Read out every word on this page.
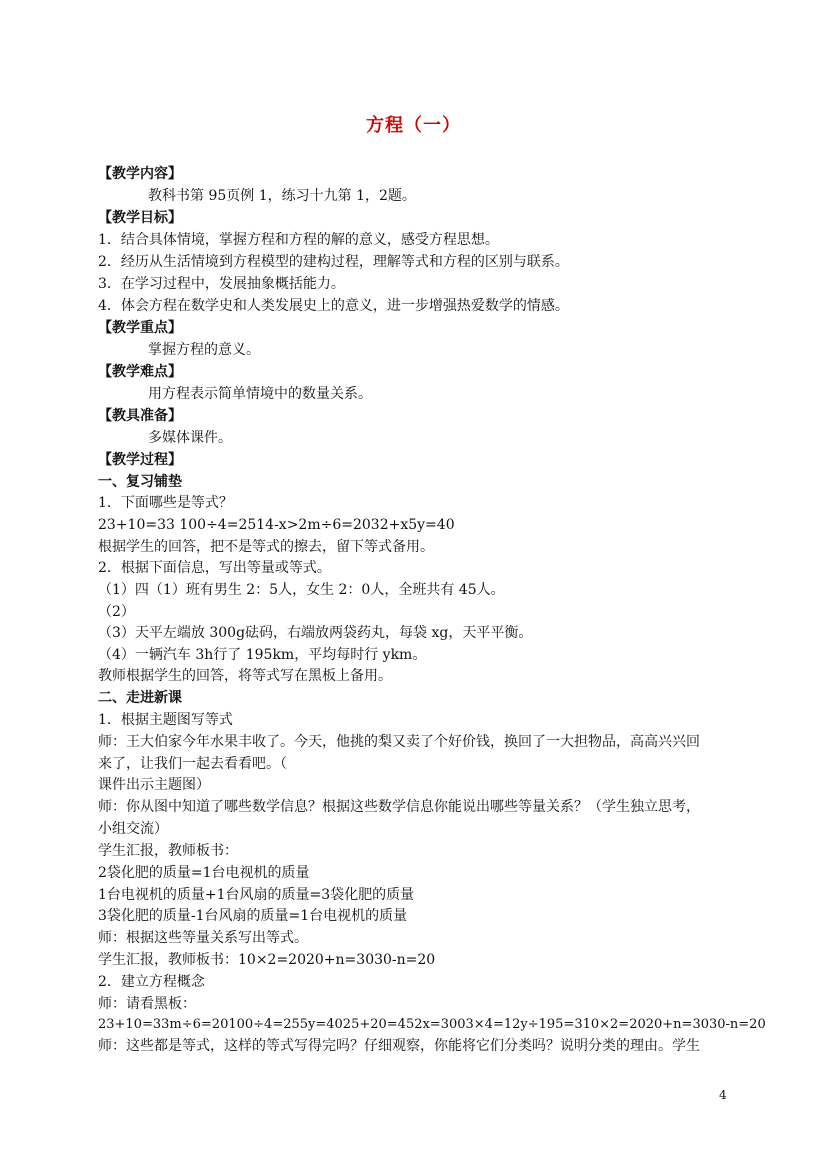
方程（一）
【教学内容】
教科书第 95页例 1，练习十九第 1，2题。
【教学目标】
1．结合具体情境，掌握方程和方程的解的意义，感受方程思想。
2．经历从生活情境到方程模型的建构过程，理解等式和方程的区别与联系。
3．在学习过程中，发展抽象概括能力。
4．体会方程在数学史和人类发展史上的意义，进一步增强热爱数学的情感。
【教学重点】
掌握方程的意义。
【教学难点】
用方程表示简单情境中的数量关系。
【教具准备】
多媒体课件。
【教学过程】
一、复习铺垫
1．下面哪些是等式？
23+10=33 100÷4=2514-x>2m÷6=2032+x5y=40
根据学生的回答，把不是等式的擦去，留下等式备用。
2．根据下面信息，写出等量或等式。
（1）四（1）班有男生 2：5人，女生 2：0人，全班共有 45人。
（2）
（3）天平左端放 300g砝码，右端放两袋药丸，每袋 xg，天平平衡。
（4）一辆汽车 3h行了 195km，平均每时行 ykm。
教师根据学生的回答，将等式写在黑板上备用。
二、走进新课
1．根据主题图写等式
师：王大伯家今年水果丰收了。今天，他挑的梨又卖了个好价钱，换回了一大担物品，高高兴兴回
来了，让我们一起去看看吧。（
课件出示主题图）
师：你从图中知道了哪些数学信息？根据这些数学信息你能说出哪些等量关系？（学生独立思考，
小组交流）
学生汇报，教师板书：
2袋化肥的质量=1台电视机的质量
1台电视机的质量+1台风扇的质量=3袋化肥的质量
3袋化肥的质量-1台风扇的质量=1台电视机的质量
师：根据这些等量关系写出等式。
学生汇报，教师板书：10×2=2020+n=3030-n=20
2．建立方程概念
师：请看黑板：
23+10=33m÷6=20100÷4=255y=4025+20=452x=3003×4=12y÷195=310×2=2020+n=3030-n=20
师：这些都是等式，这样的等式写得完吗？仔细观察，你能将它们分类吗？说明分类的理由。学生
4
